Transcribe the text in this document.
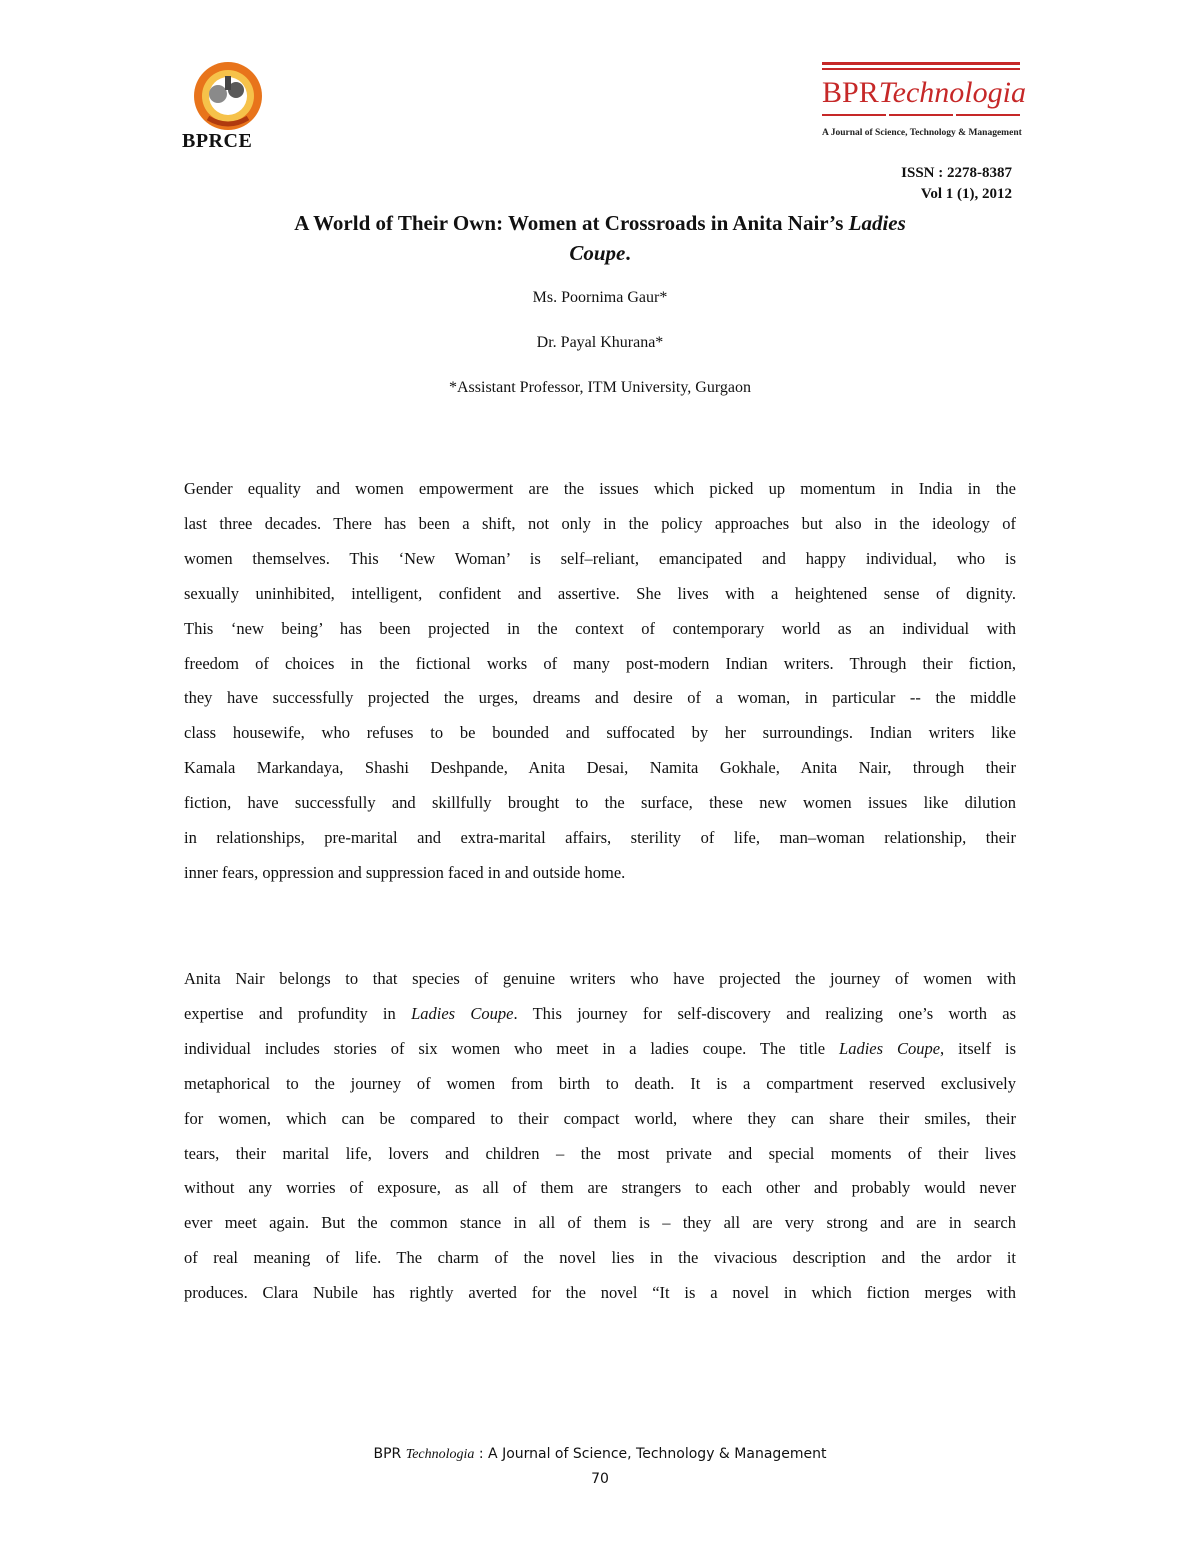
BPRCE
BPRTechnologia
A Journal of Science, Technology & Management
ISSN : 2278-8387
Vol 1 (1), 2012
A World of Their Own: Women at Crossroads in Anita Nair’s Ladies
Coupe.
Ms. Poornima Gaur*
Dr. Payal Khurana*
*Assistant Professor, ITM University, Gurgaon
Gender equality and women empowerment are the issues which picked up momentum in India in the
last three decades. There has been a shift, not only in the policy approaches but also in the ideology of
women themselves. This ‘New Woman’ is self–reliant, emancipated and happy individual, who is
sexually uninhibited, intelligent, confident and assertive. She lives with a heightened sense of dignity.
This ‘new being’ has been projected in the context of contemporary world as an individual with
freedom of choices in the fictional works of many post-modern Indian writers. Through their fiction,
they have successfully projected the urges, dreams and desire of a woman, in particular -- the middle
class housewife, who refuses to be bounded and suffocated by her surroundings. Indian writers like
Kamala Markandaya, Shashi Deshpande, Anita Desai, Namita Gokhale, Anita Nair, through their
fiction, have successfully and skillfully brought to the surface, these new women issues like dilution
in relationships, pre-marital and extra-marital affairs, sterility of life, man–woman relationship, their
inner fears, oppression and suppression faced in and outside home.
Anita Nair belongs to that species of genuine writers who have projected the journey of women with
expertise and profundity in Ladies Coupe. This journey for self-discovery and realizing one’s worth as
individual includes stories of six women who meet in a ladies coupe. The title Ladies Coupe, itself is
metaphorical to the journey of women from birth to death. It is a compartment reserved exclusively
for women, which can be compared to their compact world, where they can share their smiles, their
tears, their marital life, lovers and children – the most private and special moments of their lives
without any worries of exposure, as all of them are strangers to each other and probably would never
ever meet again. But the common stance in all of them is – they all are very strong and are in search
of real meaning of life. The charm of the novel lies in the vivacious description and the ardor it
produces. Clara Nubile has rightly averted for the novel “It is a novel in which fiction merges with
BPR Technologia : A Journal of Science, Technology & Management
70
